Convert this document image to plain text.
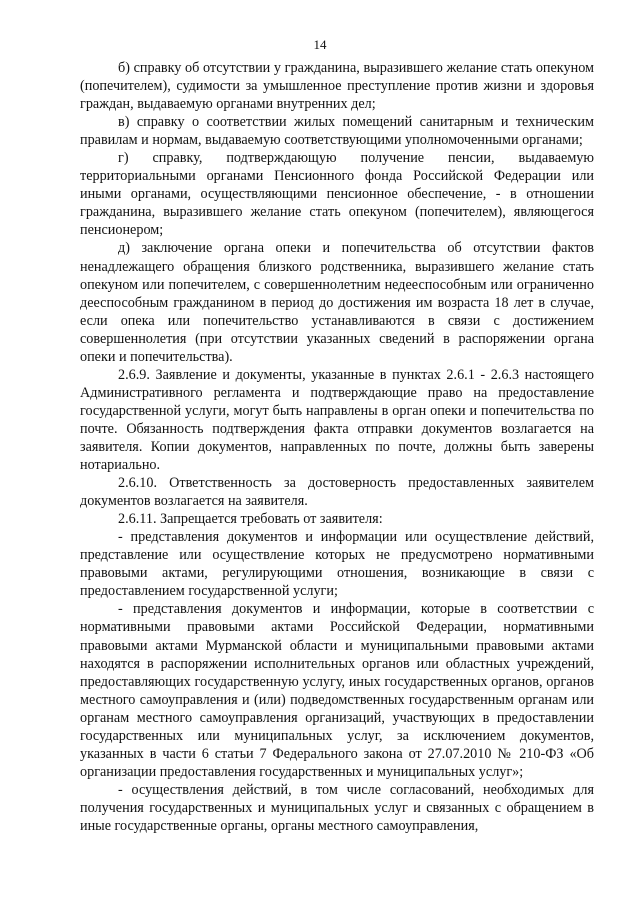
14

б) справку об отсутствии у гражданина, выразившего желание стать опекуном (попечителем), судимости за умышленное преступление против жизни и здоровья граждан, выдаваемую органами внутренних дел;

в) справку о соответствии жилых помещений санитарным и техническим правилам и нормам, выдаваемую соответствующими уполномоченными органами;

г) справку, подтверждающую получение пенсии, выдаваемую территориальными органами Пенсионного фонда Российской Федерации или иными органами, осуществляющими пенсионное обеспечение, - в отношении гражданина, выразившего желание стать опекуном (попечителем), являющегося пенсионером;

д) заключение органа опеки и попечительства об отсутствии фактов ненадлежащего обращения близкого родственника, выразившего желание стать опекуном или попечителем, с совершеннолетним недееспособным или ограниченно дееспособным гражданином в период до достижения им возраста 18 лет в случае, если опека или попечительство устанавливаются в связи с достижением совершеннолетия (при отсутствии указанных сведений в распоряжении органа опеки и попечительства).

2.6.9. Заявление и документы, указанные в пунктах 2.6.1 - 2.6.3 настоящего Административного регламента и подтверждающие право на предоставление государственной услуги, могут быть направлены в орган опеки и попечительства по почте. Обязанность подтверждения факта отправки документов возлагается на заявителя. Копии документов, направленных по почте, должны быть заверены нотариально.

2.6.10. Ответственность за достоверность предоставленных заявителем документов возлагается на заявителя.

2.6.11. Запрещается требовать от заявителя:

- представления документов и информации или осуществление действий, представление или осуществление которых не предусмотрено нормативными правовыми актами, регулирующими отношения, возникающие в связи с предоставлением государственной услуги;

- представления документов и информации, которые в соответствии с нормативными правовыми актами Российской Федерации, нормативными правовыми актами Мурманской области и муниципальными правовыми актами находятся в распоряжении исполнительных органов или областных учреждений, предоставляющих государственную услугу, иных государственных органов, органов местного самоуправления и (или) подведомственных государственным органам или органам местного самоуправления организаций, участвующих в предоставлении государственных или муниципальных услуг, за исключением документов, указанных в части 6 статьи 7 Федерального закона от 27.07.2010 № 210-ФЗ «Об организации предоставления государственных и муниципальных услуг»;

- осуществления действий, в том числе согласований, необходимых для получения государственных и муниципальных услуг и связанных с обращением в иные государственные органы, органы местного самоуправления,
